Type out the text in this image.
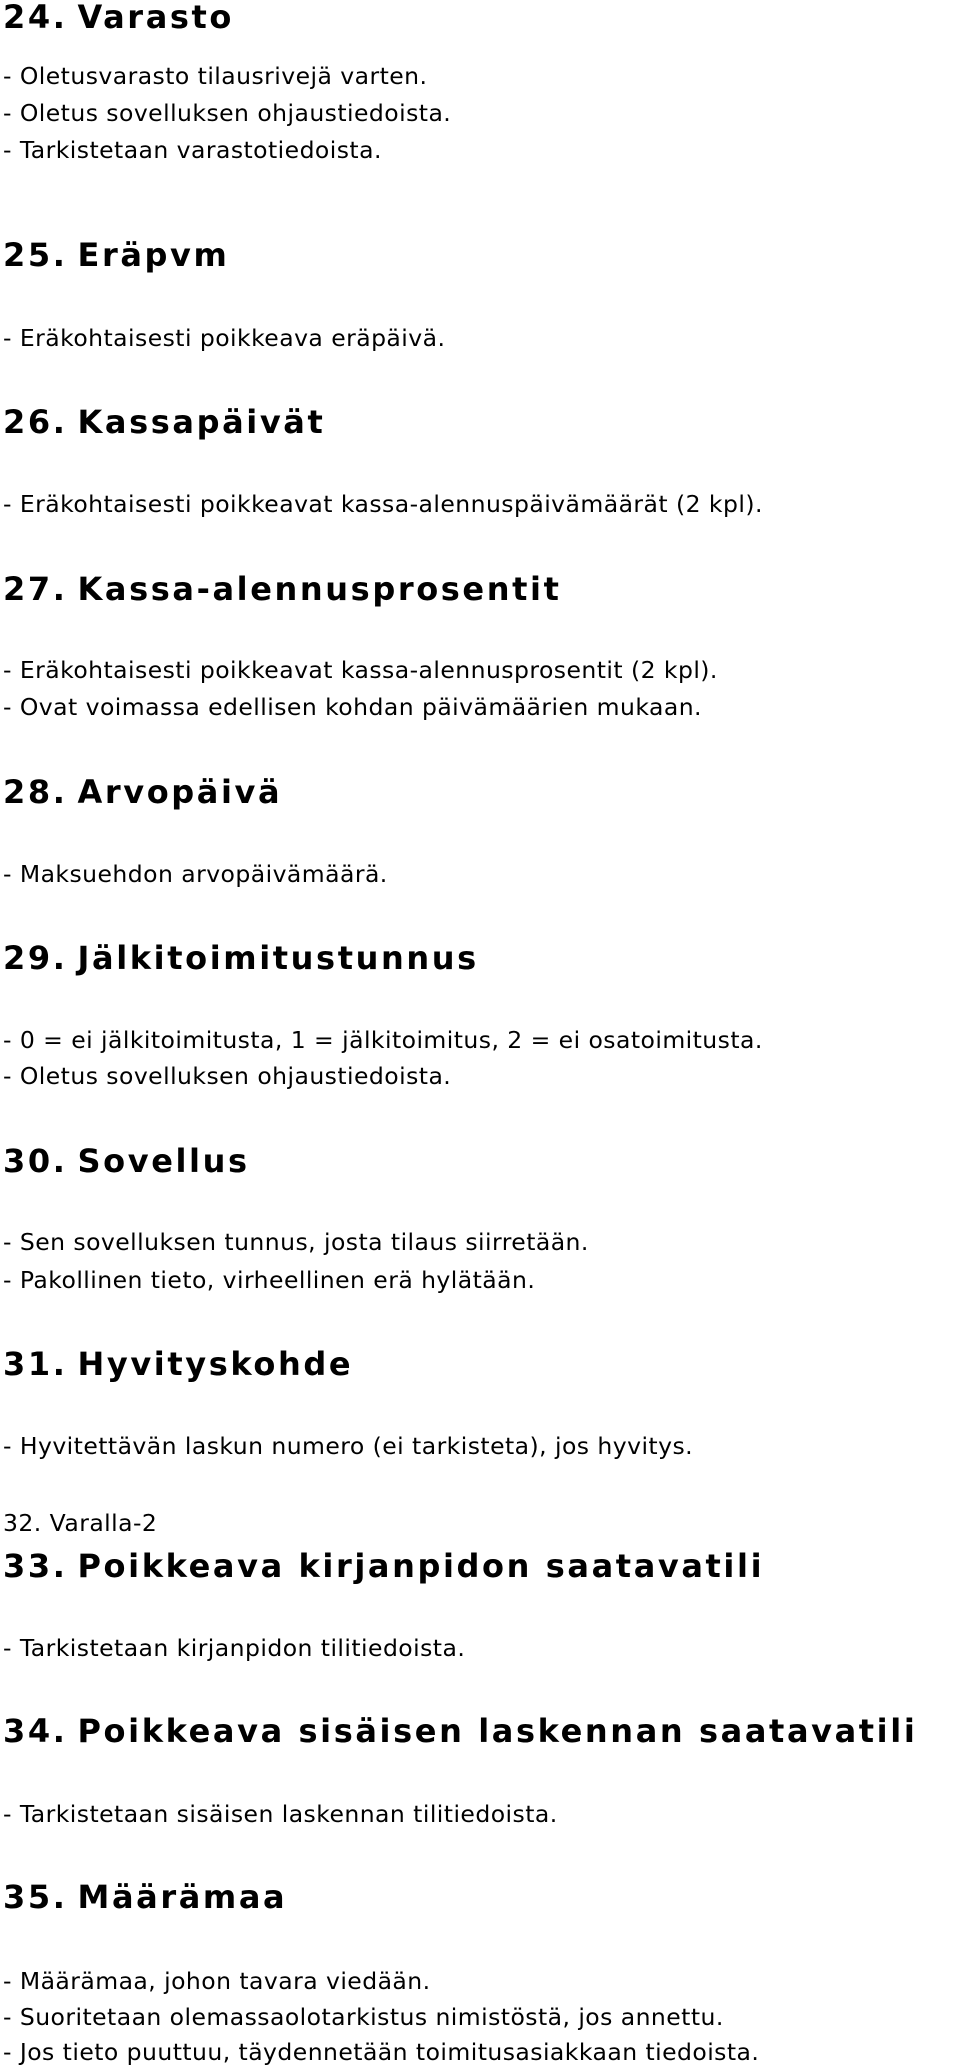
24. Varasto
- Oletusvarasto tilausrivejä varten.
- Oletus sovelluksen ohjaustiedoista.
- Tarkistetaan varastotiedoista.
25. Eräpvm
- Eräkohtaisesti poikkeava eräpäivä.
26. Kassapäivät
- Eräkohtaisesti poikkeavat kassa-alennuspäivämäärät (2 kpl).
27. Kassa-alennusprosentit
- Eräkohtaisesti poikkeavat kassa-alennusprosentit (2 kpl).
- Ovat voimassa edellisen kohdan päivämäärien mukaan.
28. Arvopäivä
- Maksuehdon arvopäivämäärä.
29. Jälkitoimitustunnus
- 0 = ei jälkitoimitusta, 1 = jälkitoimitus, 2 = ei osatoimitusta.
- Oletus sovelluksen ohjaustiedoista.
30. Sovellus
- Sen sovelluksen tunnus, josta tilaus siirretään.
- Pakollinen tieto, virheellinen erä hylätään.
31. Hyvityskohde
- Hyvitettävän laskun numero (ei tarkisteta), jos hyvitys.
32. Varalla-2
33. Poikkeava kirjanpidon saatavatili
- Tarkistetaan kirjanpidon tilitiedoista.
34. Poikkeava sisäisen laskennan saatavatili
- Tarkistetaan sisäisen laskennan tilitiedoista.
35. Määrämaa
- Määrämaa, johon tavara viedään.
- Suoritetaan olemassaolotarkistus nimistöstä, jos annettu.
- Jos tieto puuttuu, täydennetään toimitusasiakkaan tiedoista.
